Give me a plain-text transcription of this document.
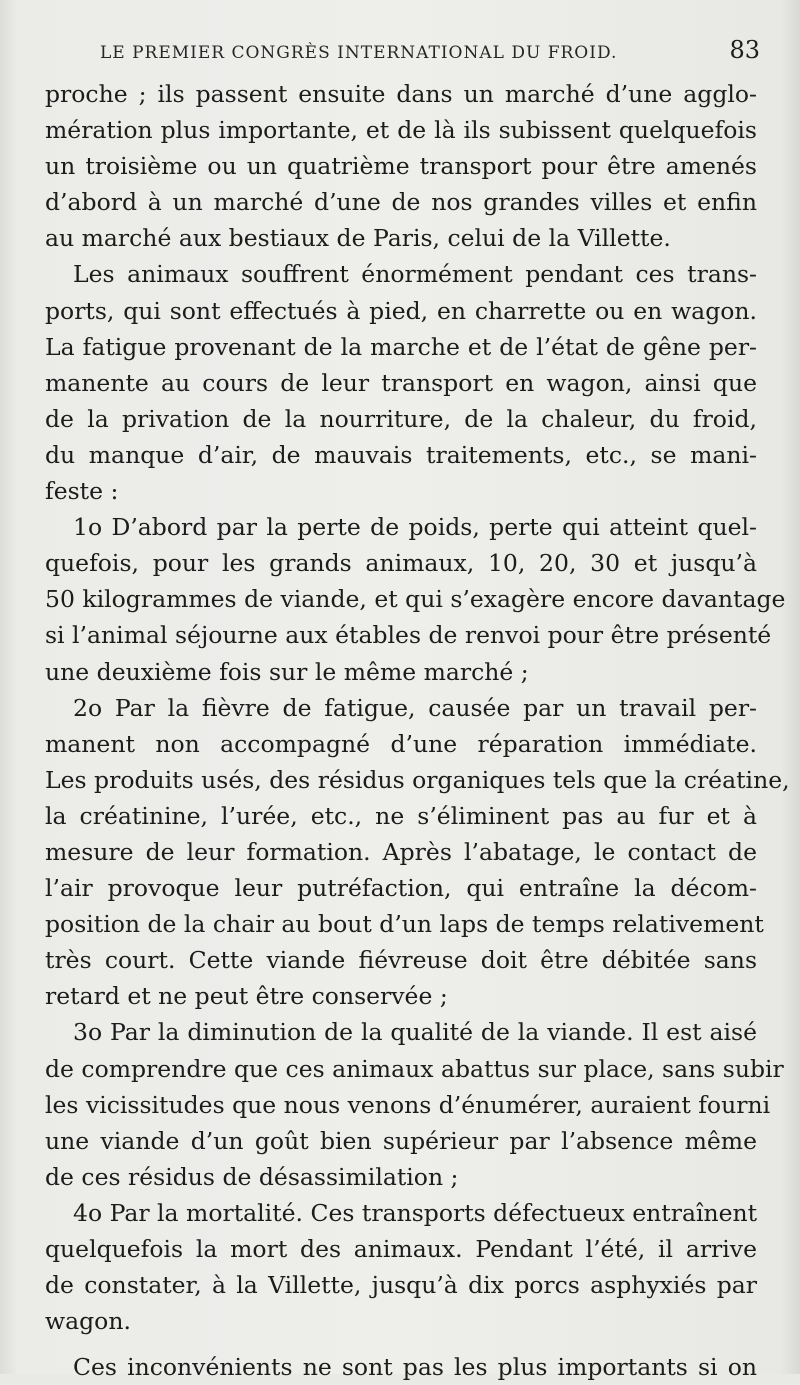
LE PREMIER CONGRÈS INTERNATIONAL DU FROID.	83
proche ; ils passent ensuite dans un marché d’une agglo-
mération plus importante, et de là ils subissent quelquefois
un troisième ou un quatrième transport pour être amenés
d’abord à un marché d’une de nos grandes villes et enfin
au marché aux bestiaux de Paris, celui de la Villette.
Les animaux souffrent énormément pendant ces trans-
ports, qui sont effectués à pied, en charrette ou en wagon.
La fatigue provenant de la marche et de l’état de gêne per-
manente au cours de leur transport en wagon, ainsi que
de la privation de la nourriture, de la chaleur, du froid,
du manque d’air, de mauvais traitements, etc., se mani-
feste :
1o D’abord par la perte de poids, perte qui atteint quel-
quefois, pour les grands animaux, 10, 20, 30 et jusqu’à
50 kilogrammes de viande, et qui s’exagère encore davantage
si l’animal séjourne aux étables de renvoi pour être présenté
une deuxième fois sur le même marché ;
2o Par la fièvre de fatigue, causée par un travail per-
manent non accompagné d’une réparation immédiate.
Les produits usés, des résidus organiques tels que la créatine,
la créatinine, l’urée, etc., ne s’éliminent pas au fur et à
mesure de leur formation. Après l’abatage, le contact de
l’air provoque leur putréfaction, qui entraîne la décom-
position de la chair au bout d’un laps de temps relativement
très court. Cette viande fiévreuse doit être débitée sans
retard et ne peut être conservée ;
3o Par la diminution de la qualité de la viande. Il est aisé
de comprendre que ces animaux abattus sur place, sans subir
les vicissitudes que nous venons d’énumérer, auraient fourni
une viande d’un goût bien supérieur par l’absence même
de ces résidus de désassimilation ;
4o Par la mortalité. Ces transports défectueux entraînent
quelquefois la mort des animaux. Pendant l’été, il arrive
de constater, à la Villette, jusqu’à dix porcs asphyxiés par
wagon.
Ces inconvénients ne sont pas les plus importants si on
